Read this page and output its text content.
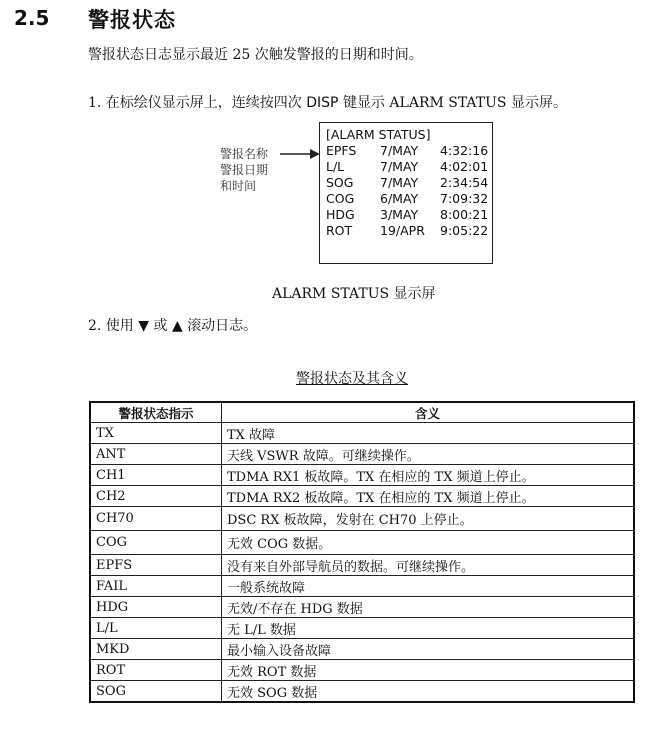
2.5 警报状态
警报状态日志显示最近 25 次触发警报的日期和时间。
1. 在标绘仪显示屏上，连续按四次 DISP 键显示 ALARM STATUS 显示屏。
警报名称
警报日期
和时间
[ALARM STATUS]
EPFS 7/MAY 4:32:16
L/L	7/MAY 4:02:01
SOG 7/MAY 2:34:54
COG 6/MAY 7:09:32
HDG 3/MAY 8:00:21
ROT 19/APR 9:05:22
ALARM STATUS 显示屏
2. 使用 ▼ 或 ▲ 滚动日志。
警报状态及其含义
警报状态指示	含义
TX	TX 故障
ANT	天线 VSWR 故障。可继续操作。
CH1	TDMA RX1 板故障。TX 在相应的 TX 频道上停止。
CH2	TDMA RX2 板故障。TX 在相应的 TX 频道上停止。
CH70	DSC RX 板故障，发射在 CH70 上停止。
COG	无效 COG 数据。
EPFS	没有来自外部导航员的数据。可继续操作。
FAIL	一般系统故障
HDG	无效/不存在 HDG 数据
L/L	无 L/L 数据
MKD	最小输入设备故障
ROT	无效 ROT 数据
SOG	无效 SOG 数据
